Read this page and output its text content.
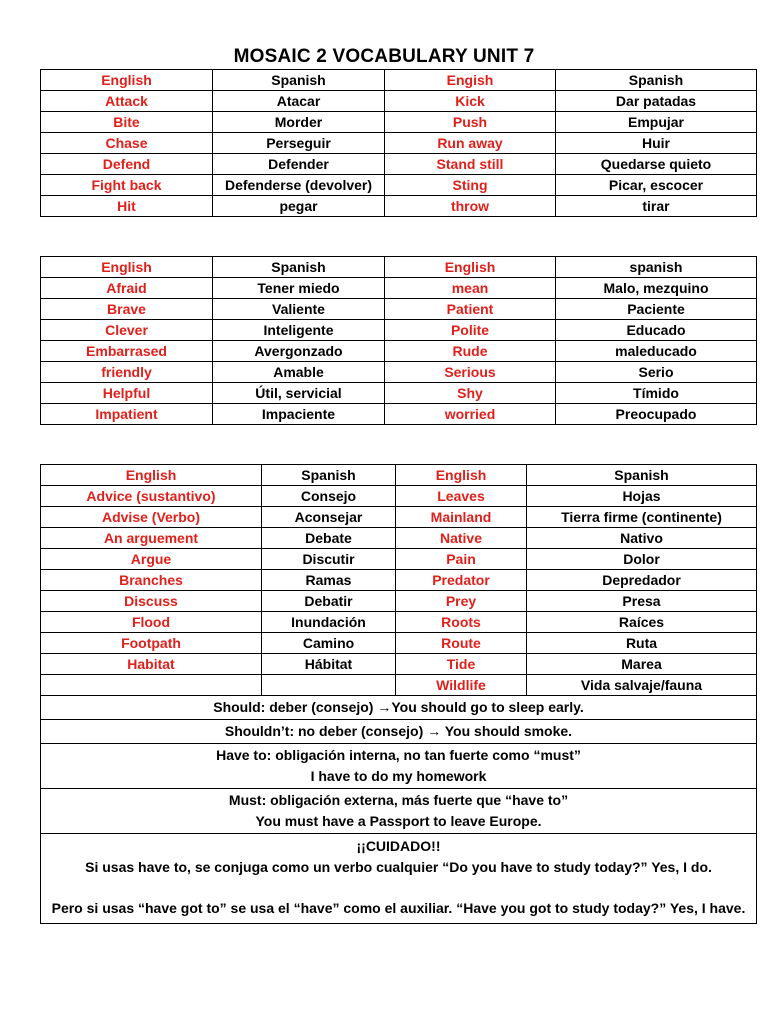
MOSAIC 2 VOCABULARY UNIT 7
English	Spanish	Engish	Spanish
Attack	Atacar	Kick	Dar patadas
Bite	Morder	Push	Empujar
Chase	Perseguir	Run away	Huir
Defend	Defender	Stand still	Quedarse quieto
Fight back	Defenderse (devolver)	Sting	Picar, escocer
Hit	pegar	throw	tirar
English	Spanish	English	spanish
Afraid	Tener miedo	mean	Malo, mezquino
Brave	Valiente	Patient	Paciente
Clever	Inteligente	Polite	Educado
Embarrased	Avergonzado	Rude	maleducado
friendly	Amable	Serious	Serio
Helpful	Útil, servicial	Shy	Tímido
Impatient	Impaciente	worried	Preocupado
English	Spanish	English	Spanish
Advice (sustantivo)	Consejo	Leaves	Hojas
Advise (Verbo)	Aconsejar	Mainland	Tierra firme (continente)
An arguement	Debate	Native	Nativo
Argue	Discutir	Pain	Dolor
Branches	Ramas	Predator	Depredador
Discuss	Debatir	Prey	Presa
Flood	Inundación	Roots	Raíces
Footpath	Camino	Route	Ruta
Habitat	Hábitat	Tide	Marea
		Wildlife	Vida salvaje/fauna
Should: deber (consejo) →You should go to sleep early.			
Shouldn’t: no deber (consejo) → You should smoke.			

Have to: obligación interna, no tan fuerte como “must”
I have to do my homework			

Must: obligación externa, más fuerte que “have to”
You must have a Passport to leave Europe.			

¡¡CUIDADO!!
Si usas have to, se conjuga como un verbo cualquier “Do you have to study today?” Yes, I do.
Pero si usas “have got to” se usa el “have” como el auxiliar. “Have you got to study today?” Yes, I have.			
